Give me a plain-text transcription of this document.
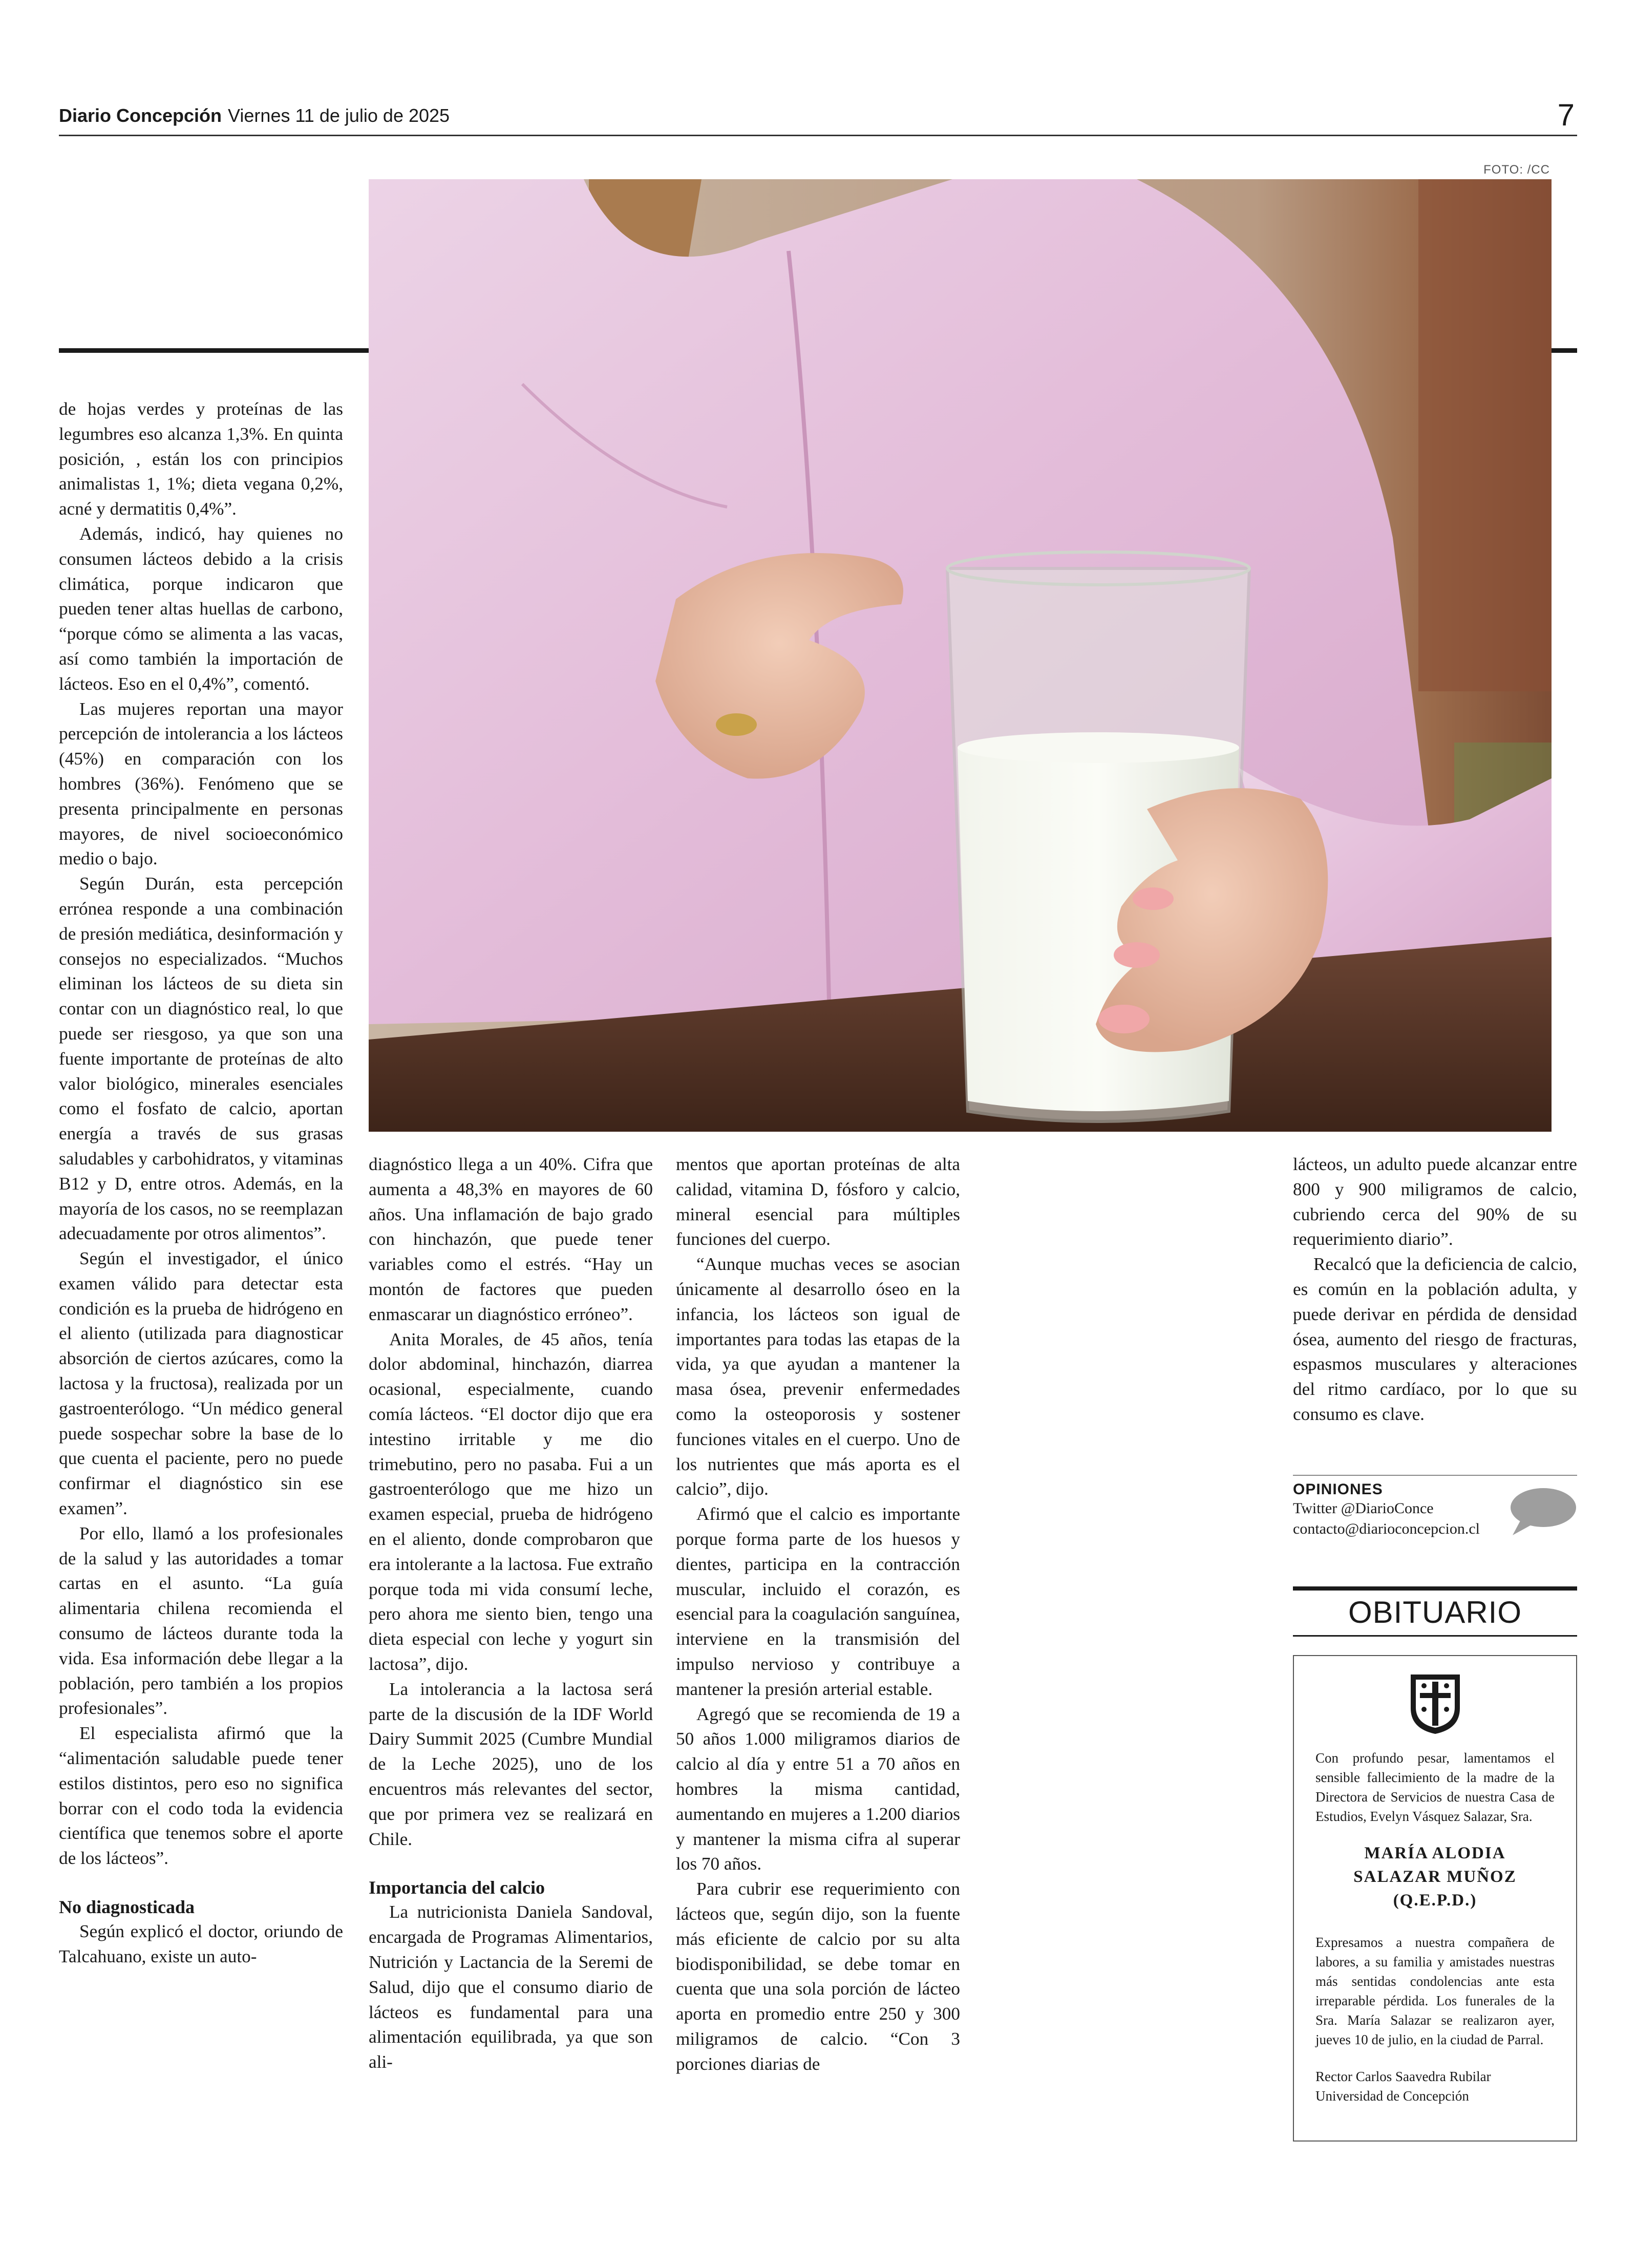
Diario Concepción Viernes 11 de julio de 2025	7
FOTO: /CC

de hojas verdes y proteínas de las legumbres eso alcanza 1,3%. En quinta posición, , están los con principios animalistas 1, 1%; dieta vegana 0,2%, acné y dermatitis 0,4%”.

Además, indicó, hay quienes no consumen lácteos debido a la crisis climática, porque indicaron que pueden tener altas huellas de carbono, “porque cómo se alimenta a las vacas, así como también la importación de lácteos. Eso en el 0,4%”, comentó.

Las mujeres reportan una mayor percepción de intolerancia a los lácteos (45%) en comparación con los hombres (36%). Fenómeno que se presenta principalmente en personas mayores, de nivel socioeconómico medio o bajo.

Según Durán, esta percepción errónea responde a una combinación de presión mediática, desinformación y consejos no especializados. “Muchos eliminan los lácteos de su dieta sin contar con un diagnóstico real, lo que puede ser riesgoso, ya que son una fuente importante de proteínas de alto valor biológico, minerales esenciales como el fosfato de calcio, aportan energía a través de sus grasas saludables y carbohidratos, y vitaminas B12 y D, entre otros. Además, en la mayoría de los casos, no se reemplazan adecuadamente por otros alimentos”.

Según el investigador, el único examen válido para detectar esta condición es la prueba de hidrógeno en el aliento (utilizada para diagnosticar absorción de ciertos azúcares, como la lactosa y la fructosa), realizada por un gastroenterólogo. “Un médico general puede sospechar sobre la base de lo que cuenta el paciente, pero no puede confirmar el diagnóstico sin ese examen”.

Por ello, llamó a los profesionales de la salud y las autoridades a tomar cartas en el asunto. “La guía alimentaria chilena recomienda el consumo de lácteos durante toda la vida. Esa información debe llegar a la población, pero también a los propios profesionales”.

El especialista afirmó que la “alimentación saludable puede tener estilos distintos, pero eso no significa borrar con el codo toda la evidencia científica que tenemos sobre el aporte de los lácteos”.

No diagnosticada

Según explicó el doctor, oriundo de Talcahuano, existe un auto-

diagnóstico llega a un 40%. Cifra que aumenta a 48,3% en mayores de 60 años. Una inflamación de bajo grado con hinchazón, que puede tener variables como el estrés. “Hay un montón de factores que pueden enmascarar un diagnóstico erróneo”.

Anita Morales, de 45 años, tenía dolor abdominal, hinchazón, diarrea ocasional, especialmente, cuando comía lácteos. “El doctor dijo que era intestino irritable y me dio trimebutino, pero no pasaba. Fui a un gastroenterólogo que me hizo un examen especial, prueba de hidrógeno en el aliento, donde comprobaron que era intolerante a la lactosa. Fue extraño porque toda mi vida consumí leche, pero ahora me siento bien, tengo una dieta especial con leche y yogurt sin lactosa”, dijo.

La intolerancia a la lactosa será parte de la discusión de la IDF World Dairy Summit 2025 (Cumbre Mundial de la Leche 2025), uno de los encuentros más relevantes del sector, que por primera vez se realizará en Chile.

Importancia del calcio

La nutricionista Daniela Sandoval, encargada de Programas Alimentarios, Nutrición y Lactancia de la Seremi de Salud, dijo que el consumo diario de lácteos es fundamental para una alimentación equilibrada, ya que son ali-

mentos que aportan proteínas de alta calidad, vitamina D, fósforo y calcio, mineral esencial para múltiples funciones del cuerpo.

“Aunque muchas veces se asocian únicamente al desarrollo óseo en la infancia, los lácteos son igual de importantes para todas las etapas de la vida, ya que ayudan a mantener la masa ósea, prevenir enfermedades como la osteoporosis y sostener funciones vitales en el cuerpo. Uno de los nutrientes que más aporta es el calcio”, dijo.

Afirmó que el calcio es importante porque forma parte de los huesos y dientes, participa en la contracción muscular, incluido el corazón, es esencial para la coagulación sanguínea, interviene en la transmisión del impulso nervioso y contribuye a mantener la presión arterial estable.

Agregó que se recomienda de 19 a 50 años 1.000 miligramos diarios de calcio al día y entre 51 a 70 años en hombres la misma cantidad, aumentando en mujeres a 1.200 diarios y mantener la misma cifra al superar los 70 años.

Para cubrir ese requerimiento con lácteos que, según dijo, son la fuente más eficiente de calcio por su alta biodisponibilidad, se debe tomar en cuenta que una sola porción de lácteo aporta en promedio entre 250 y 300 miligramos de calcio. “Con 3 porciones diarias de

lácteos, un adulto puede alcanzar entre 800 y 900 miligramos de calcio, cubriendo cerca del 90% de su requerimiento diario”.

Recalcó que la deficiencia de calcio, es común en la población adulta, y puede derivar en pérdida de densidad ósea, aumento del riesgo de fracturas, espasmos musculares y alteraciones del ritmo cardíaco, por lo que su consumo es clave.

OPINIONES
Twitter @DiarioConce
contacto@diarioconcepcion.cl
OBITUARIO

Con profundo pesar, lamentamos el sensible fallecimiento de la madre de la Directora de Servicios de nuestra Casa de Estudios, Evelyn Vásquez Salazar, Sra.

MARÍA ALODIA
SALAZAR MUÑOZ
(Q.E.P.D.)

Expresamos a nuestra compañera de labores, a su familia y amistades nuestras más sentidas condolencias ante esta irreparable pérdida. Los funerales de la Sra. María Salazar se realizaron ayer, jueves 10 de julio, en la ciudad de Parral.

Rector Carlos Saavedra Rubilar

Universidad de Concepción
